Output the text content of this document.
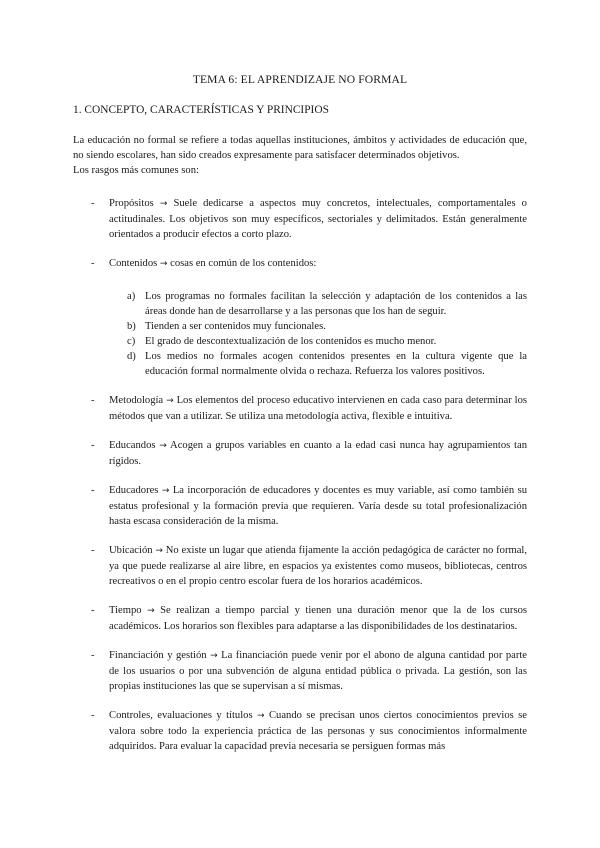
TEMA 6: EL APRENDIZAJE NO FORMAL
1. CONCEPTO, CARACTERÍSTICAS Y PRINCIPIOS

La educación no formal se refiere a todas aquellas instituciones, ámbitos y actividades de educación que, no siendo escolares, han sido creados expresamente para satisfacer determinados objetivos.

Los rasgos más comunes son:

- Propósitos → Suele dedicarse a aspectos muy concretos, intelectuales, comportamentales o actitudinales. Los objetivos son muy específicos, sectoriales y delimitados. Están generalmente orientados a producir efectos a corto plazo.
- Contenidos → cosas en común de los contenidos:
a) Los programas no formales facilitan la selección y adaptación de los contenidos a las áreas donde han de desarrollarse y a las personas que los han de seguir.
b) Tienden a ser contenidos muy funcionales.
c) El grado de descontextualización de los contenidos es mucho menor.
d) Los medios no formales acogen contenidos presentes en la cultura vigente que la educación formal normalmente olvida o rechaza. Refuerza los valores positivos.
- Metodología → Los elementos del proceso educativo intervienen en cada caso para determinar los métodos que van a utilizar. Se utiliza una metodología activa, flexible e intuitiva.
- Educandos → Acogen a grupos variables en cuanto a la edad casi nunca hay agrupamientos tan rígidos.
- Educadores → La incorporación de educadores y docentes es muy variable, así como también su estatus profesional y la formación previa que requieren. Varía desde su total profesionalización hasta escasa consideración de la misma.
- Ubicación → No existe un lugar que atienda fijamente la acción pedagógica de carácter no formal, ya que puede realizarse al aire libre, en espacios ya existentes como museos, bibliotecas, centros recreativos o en el propio centro escolar fuera de los horarios académicos.
- Tiempo → Se realizan a tiempo parcial y tienen una duración menor que la de los cursos académicos. Los horarios son flexibles para adaptarse a las disponibilidades de los destinatarios.
- Financiación y gestión → La financiación puede venir por el abono de alguna cantidad por parte de los usuarios o por una subvención de alguna entidad pública o privada. La gestión, son las propias instituciones las que se supervisan a sí mismas.
- Controles, evaluaciones y títulos → Cuando se precisan unos ciertos conocimientos previos se valora sobre todo la experiencia práctica de las personas y sus conocimientos informalmente adquiridos. Para evaluar la capacidad previa necesaria se persiguen formas más
